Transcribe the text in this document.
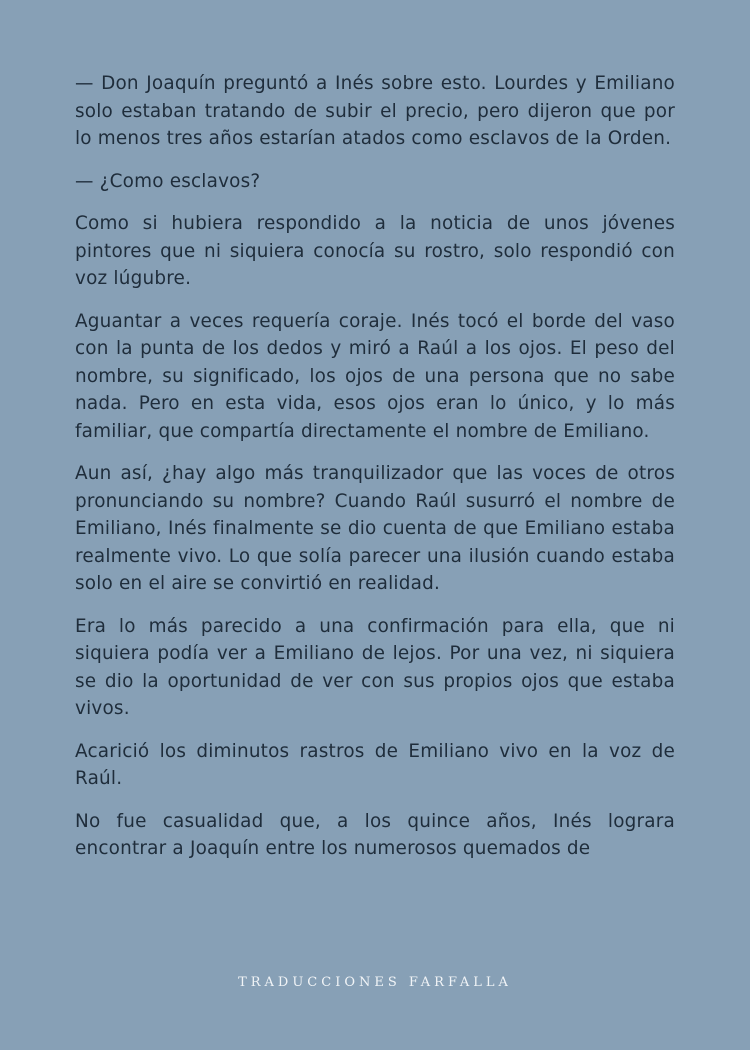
— Don Joaquín preguntó a Inés sobre esto. Lourdes y Emiliano solo estaban tratando de subir el precio, pero dijeron que por lo menos tres años estarían atados como esclavos de la Orden.

— ¿Como esclavos?

Como si hubiera respondido a la noticia de unos jóvenes pintores que ni siquiera conocía su rostro, solo respondió con voz lúgubre.

Aguantar a veces requería coraje. Inés tocó el borde del vaso con la punta de los dedos y miró a Raúl a los ojos. El peso del nombre, su significado, los ojos de una persona que no sabe nada. Pero en esta vida, esos ojos eran lo único, y lo más familiar, que compartía directamente el nombre de Emiliano.

Aun así, ¿hay algo más tranquilizador que las voces de otros pronunciando su nombre? Cuando Raúl susurró el nombre de Emiliano, Inés finalmente se dio cuenta de que Emiliano estaba realmente vivo. Lo que solía parecer una ilusión cuando estaba solo en el aire se convirtió en realidad.

Era lo más parecido a una confirmación para ella, que ni siquiera podía ver a Emiliano de lejos. Por una vez, ni siquiera se dio la oportunidad de ver con sus propios ojos que estaba vivos.

Acarició los diminutos rastros de Emiliano vivo en la voz de Raúl.

No fue casualidad que, a los quince años, Inés lograra encontrar a Joaquín entre los numerosos quemados de

TRADUCCIONES FARFALLA
